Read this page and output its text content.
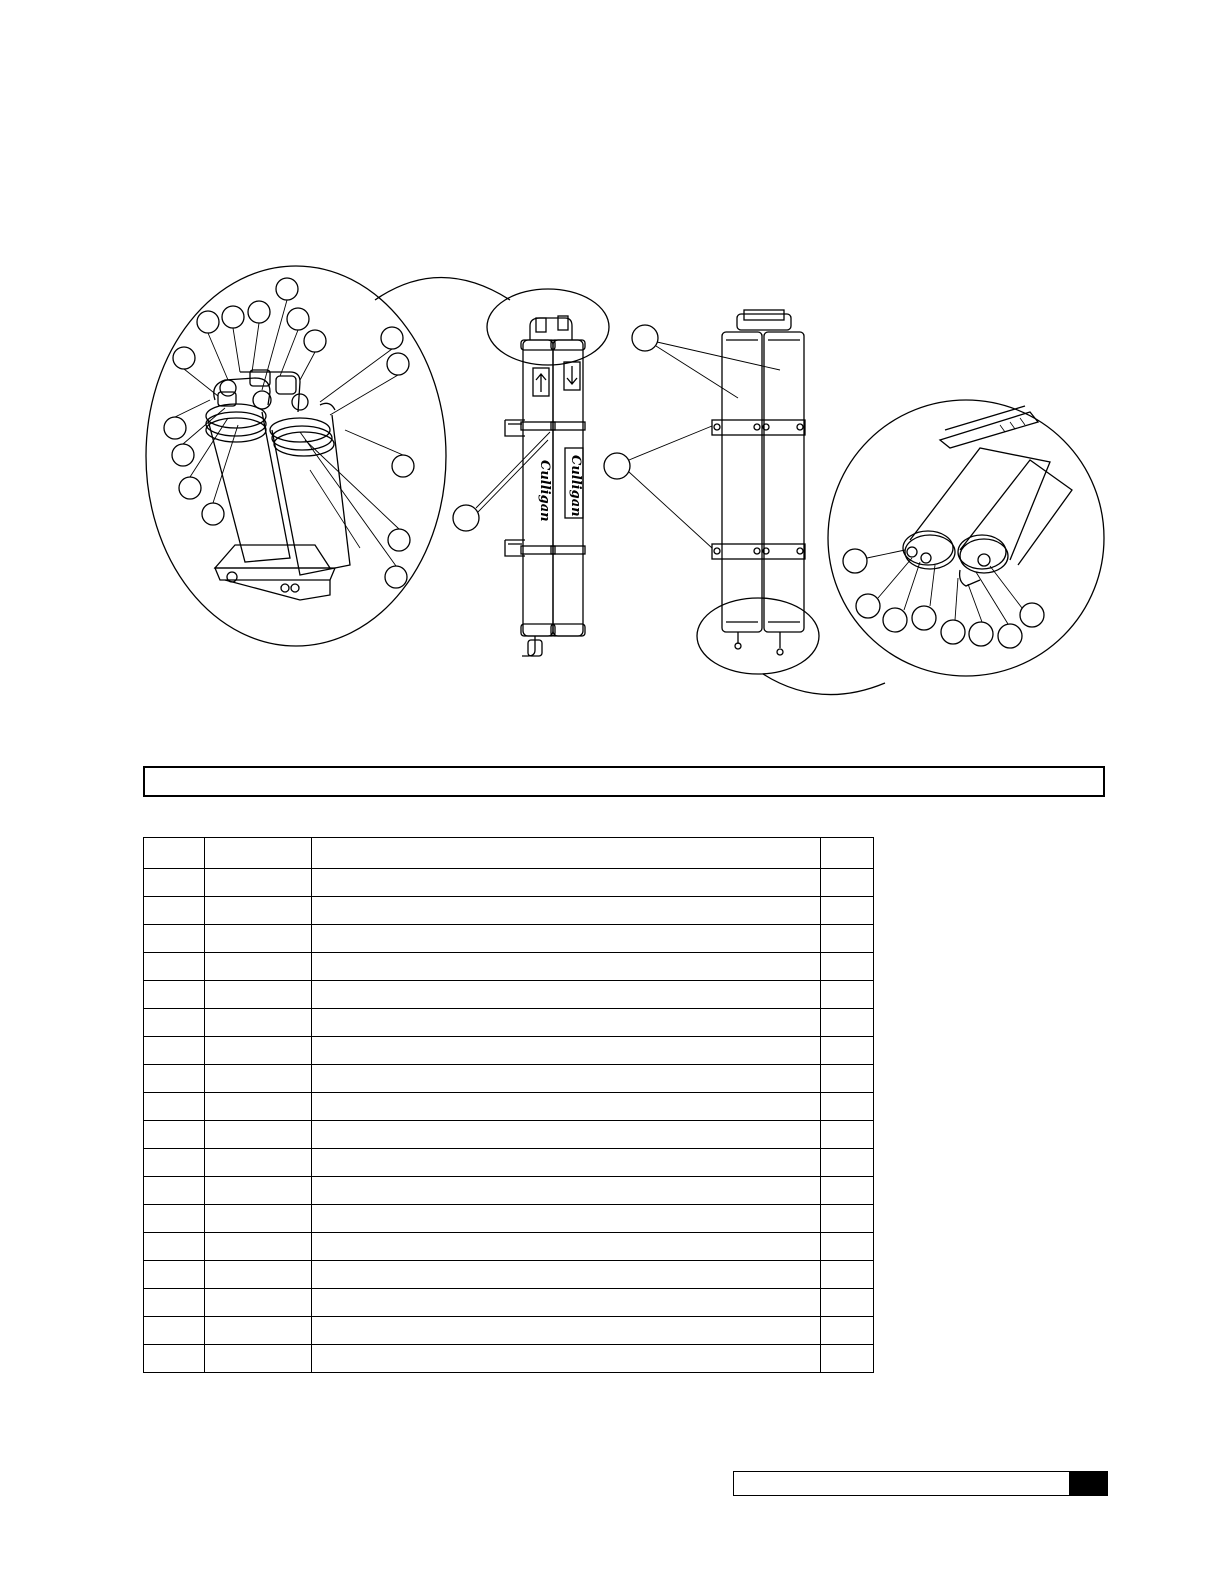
Culligan Culligan
